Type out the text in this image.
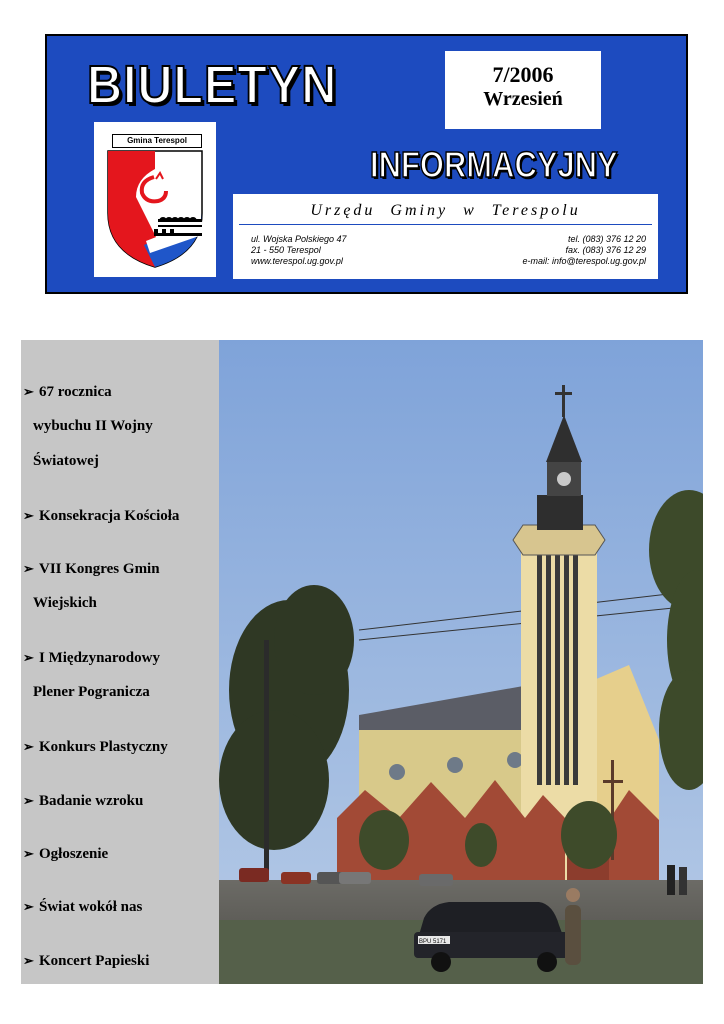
BIULETYN	7/2006
Wrzesień
INFORMACYJNY
Gmina Terespol
Urzędu Gminy w Terespolu
ul. Wojska Polskiego 47
21 - 550 Terespol
www.terespol.ug.gov.pl
tel. (083) 376 12 20
fax. (083) 376 12 29
e-mail: info@terespol.ug.gov.pl
➢ 67 rocznica
wybuchu II Wojny
Światowej
➢ Konsekracja Kościoła
➢ VII Kongres Gmin
Wiejskich
➢ I Międzynarodowy
Plener Pogranicza
➢ Konkurs Plastyczny
➢ Badanie wzroku
➢ Ogłoszenie
➢ Świat wokół nas
➢ Koncert Papieski
BPU 5171
